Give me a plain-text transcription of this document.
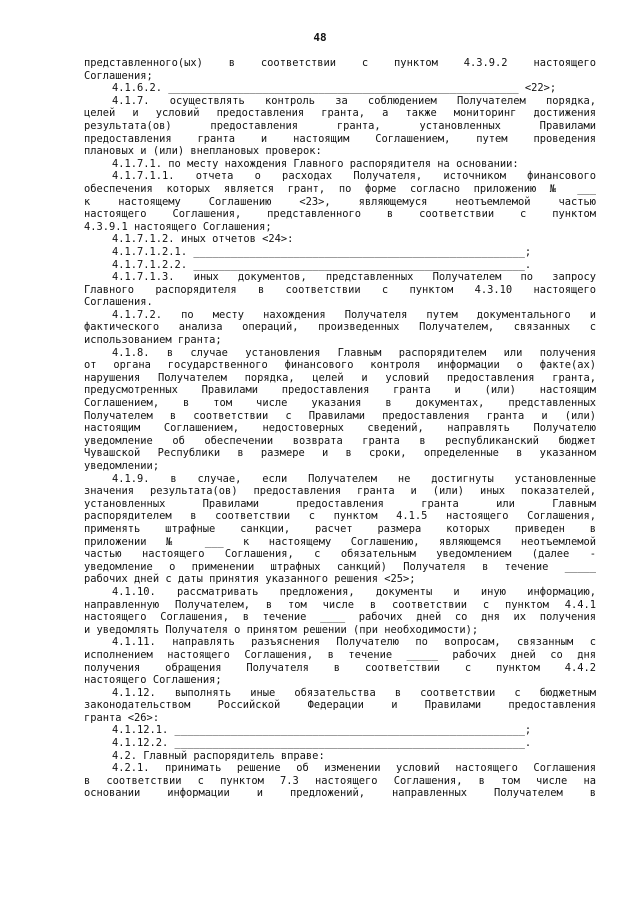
48
представленного(ых) в соответствии с пунктом 4.3.9.2 настоящего
Соглашения;
4.1.6.2. ________________________________________________________ <22>;
4.1.7. осуществлять контроль за соблюдением Получателем порядка,
целей и условий предоставления гранта, а также мониторинг достижения
результата(ов) предоставления гранта, установленных Правилами
предоставления гранта и настоящим Соглашением, путем проведения
плановых и (или) внеплановых проверок:
4.1.7.1. по месту нахождения Главного распорядителя на основании:
4.1.7.1.1. отчета о расходах Получателя, источником финансового
обеспечения которых является грант, по форме согласно приложению № ___
к настоящему Соглашению <23>, являющемуся неотъемлемой частью
настоящего Соглашения, представленного в соответствии с пунктом
4.3.9.1 настоящего Соглашения;
4.1.7.1.2. иных отчетов <24>:
4.1.7.1.2.1. _____________________________________________________;
4.1.7.1.2.2. _____________________________________________________.
4.1.7.1.3. иных документов, представленных Получателем по запросу
Главного распорядителя в соответствии с пунктом 4.3.10 настоящего
Соглашения.
4.1.7.2. по месту нахождения Получателя путем документального и
фактического анализа операций, произведенных Получателем, связанных с
использованием гранта;
4.1.8. в случае установления Главным распорядителем или получения
от органа государственного финансового контроля информации о факте(ах)
нарушения Получателем порядка, целей и условий предоставления гранта,
предусмотренных Правилами предоставления гранта и (или) настоящим
Соглашением, в том числе указания в документах, представленных
Получателем в соответствии с Правилами предоставления гранта и (или)
настоящим Соглашением, недостоверных сведений, направлять Получателю
уведомление об обеспечении возврата гранта в республиканский бюджет
Чувашской Республики в размере и в сроки, определенные в указанном
уведомлении;
4.1.9. в случае, если Получателем не достигнуты установленные
значения результата(ов) предоставления гранта и (или) иных показателей,
установленных Правилами предоставления гранта или Главным
распорядителем в соответствии с пунктом 4.1.5 настоящего Соглашения,
применять штрафные санкции, расчет размера которых приведен в
приложении № ___ к настоящему Соглашению, являющемся неотъемлемой
частью настоящего Соглашения, с обязательным уведомлением (далее -
уведомление о применении штрафных санкций) Получателя в течение _____
рабочих дней с даты принятия указанного решения <25>;
4.1.10. рассматривать предложения, документы и иную информацию,
направленную Получателем, в том числе в соответствии с пунктом 4.4.1
настоящего Соглашения, в течение ____ рабочих дней со дня их получения
и уведомлять Получателя о принятом решении (при необходимости);
4.1.11. направлять разъяснения Получателю по вопросам, связанным с
исполнением настоящего Соглашения, в течение _____ рабочих дней со дня
получения обращения Получателя в соответствии с пунктом 4.4.2
настоящего Соглашения;
4.1.12. выполнять иные обязательства в соответствии с бюджетным
законодательством Российской Федерации и Правилами предоставления
гранта <26>:
4.1.12.1. ________________________________________________________;
4.1.12.2. ________________________________________________________.
4.2. Главный распорядитель вправе:
4.2.1. принимать решение об изменении условий настоящего Соглашения
в соответствии с пунктом 7.3 настоящего Соглашения, в том числе на
основании информации и предложений, направленных Получателем в
